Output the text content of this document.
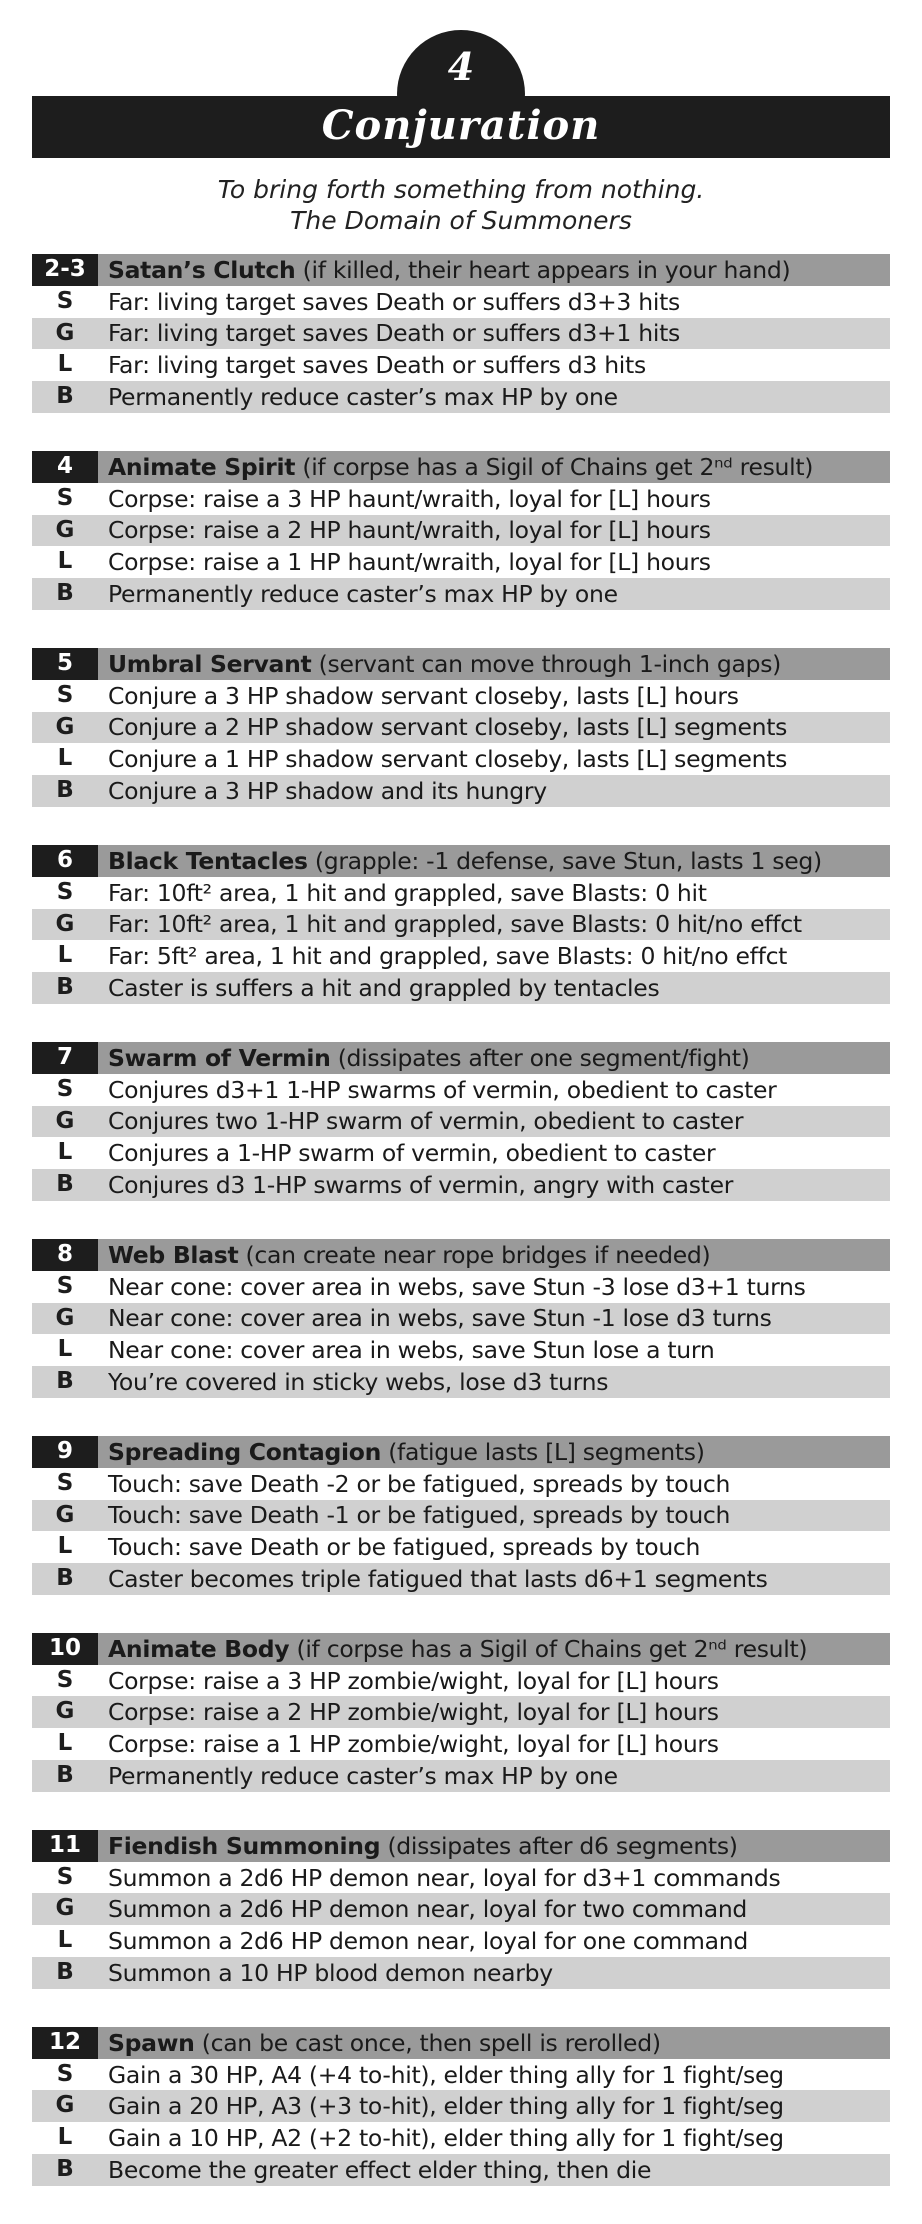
4
Conjuration
To bring forth something from nothing.
The Domain of Summoners
2-3 Satan’s Clutch (if killed, their heart appears in your hand)
S	Far: living target saves Death or suffers d3+3 hits
G	Far: living target saves Death or suffers d3+1 hits
L	Far: living target saves Death or suffers d3 hits
B	Permanently reduce caster’s max HP by one
4	Animate Spirit (if corpse has a Sigil of Chains get 2ⁿᵈ result)
S	Corpse: raise a 3 HP haunt/wraith, loyal for [L] hours
G	Corpse: raise a 2 HP haunt/wraith, loyal for [L] hours
L	Corpse: raise a 1 HP haunt/wraith, loyal for [L] hours
B	Permanently reduce caster’s max HP by one
5	Umbral Servant (servant can move through 1-inch gaps)
S	Conjure a 3 HP shadow servant closeby, lasts [L] hours
G	Conjure a 2 HP shadow servant closeby, lasts [L] segments
L	Conjure a 1 HP shadow servant closeby, lasts [L] segments
B	Conjure a 3 HP shadow and its hungry
6	Black Tentacles (grapple: -1 defense, save Stun, lasts 1 seg)
S	Far: 10ft² area, 1 hit and grappled, save Blasts: 0 hit
G	Far: 10ft² area, 1 hit and grappled, save Blasts: 0 hit/no effct
L	Far: 5ft² area, 1 hit and grappled, save Blasts: 0 hit/no effct
B	Caster is suffers a hit and grappled by tentacles
7	Swarm of Vermin (dissipates after one segment/fight)
S	Conjures d3+1 1-HP swarms of vermin, obedient to caster
G	Conjures two 1-HP swarm of vermin, obedient to caster
L	Conjures a 1-HP swarm of vermin, obedient to caster
B	Conjures d3 1-HP swarms of vermin, angry with caster
8	Web Blast (can create near rope bridges if needed)
S	Near cone: cover area in webs, save Stun -3 lose d3+1 turns
G	Near cone: cover area in webs, save Stun -1 lose d3 turns
L	Near cone: cover area in webs, save Stun lose a turn
B	You’re covered in sticky webs, lose d3 turns
9	Spreading Contagion (fatigue lasts [L] segments)
S	Touch: save Death -2 or be fatigued, spreads by touch
G	Touch: save Death -1 or be fatigued, spreads by touch
L	Touch: save Death or be fatigued, spreads by touch
B	Caster becomes triple fatigued that lasts d6+1 segments
10	Animate Body (if corpse has a Sigil of Chains get 2ⁿᵈ result)
S	Corpse: raise a 3 HP zombie/wight, loyal for [L] hours
G	Corpse: raise a 2 HP zombie/wight, loyal for [L] hours
L	Corpse: raise a 1 HP zombie/wight, loyal for [L] hours
B	Permanently reduce caster’s max HP by one
11	Fiendish Summoning (dissipates after d6 segments)
S	Summon a 2d6 HP demon near, loyal for d3+1 commands
G	Summon a 2d6 HP demon near, loyal for two command
L	Summon a 2d6 HP demon near, loyal for one command
B	Summon a 10 HP blood demon nearby
12	Spawn (can be cast once, then spell is rerolled)
S	Gain a 30 HP, A4 (+4 to-hit), elder thing ally for 1 fight/seg
G	Gain a 20 HP, A3 (+3 to-hit), elder thing ally for 1 fight/seg
L	Gain a 10 HP, A2 (+2 to-hit), elder thing ally for 1 fight/seg
B	Become the greater effect elder thing, then die
